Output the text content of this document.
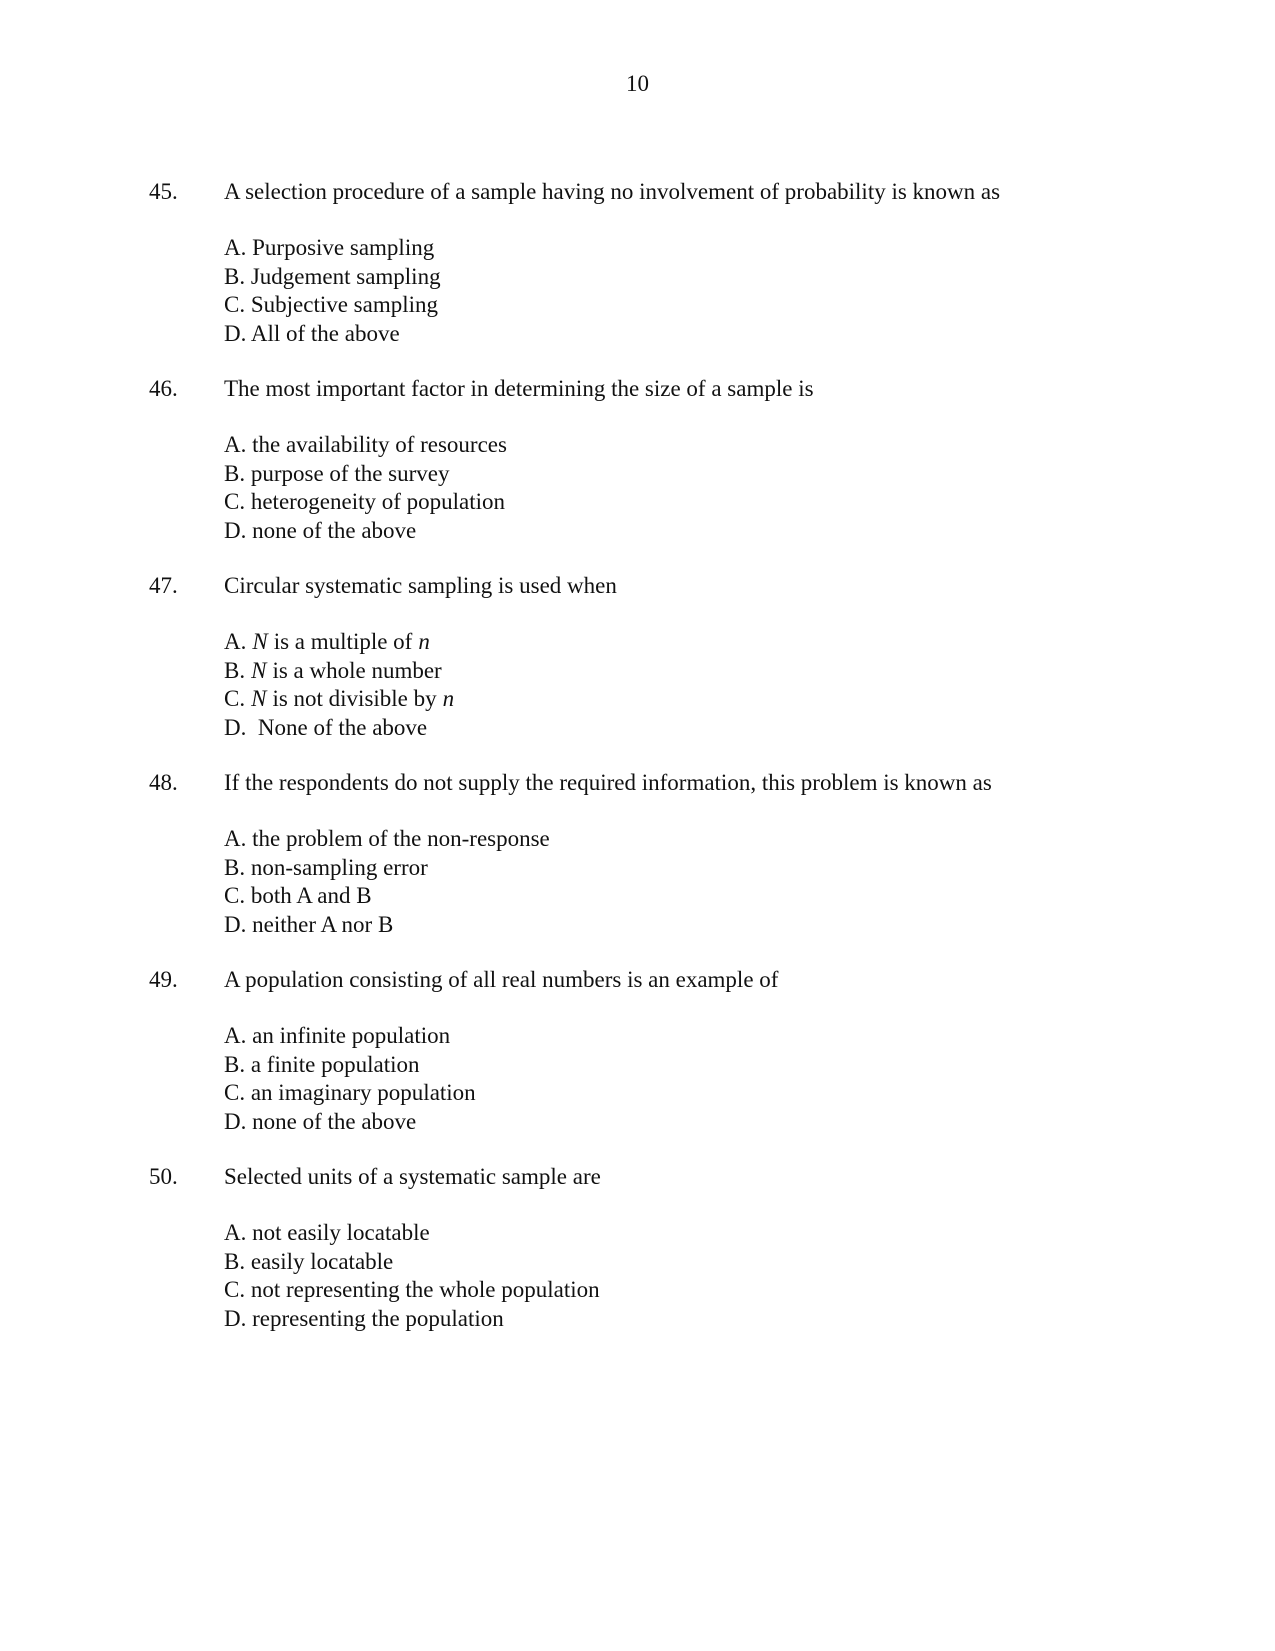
10
45. A selection procedure of a sample having no involvement of probability is known as
A. Purposive sampling
B. Judgement sampling
C. Subjective sampling
D. All of the above
46. The most important factor in determining the size of a sample is
A. the availability of resources
B. purpose of the survey
C. heterogeneity of population
D. none of the above
47. Circular systematic sampling is used when
A. N is a multiple of n
B. N is a whole number
C. N is not divisible by n
D. None of the above
48. If the respondents do not supply the required information, this problem is known as
A. the problem of the non-response
B. non-sampling error
C. both A and B
D. neither A nor B
49. A population consisting of all real numbers is an example of
A. an infinite population
B. a finite population
C. an imaginary population
D. none of the above
50. Selected units of a systematic sample are
A. not easily locatable
B. easily locatable
C. not representing the whole population
D. representing the population
